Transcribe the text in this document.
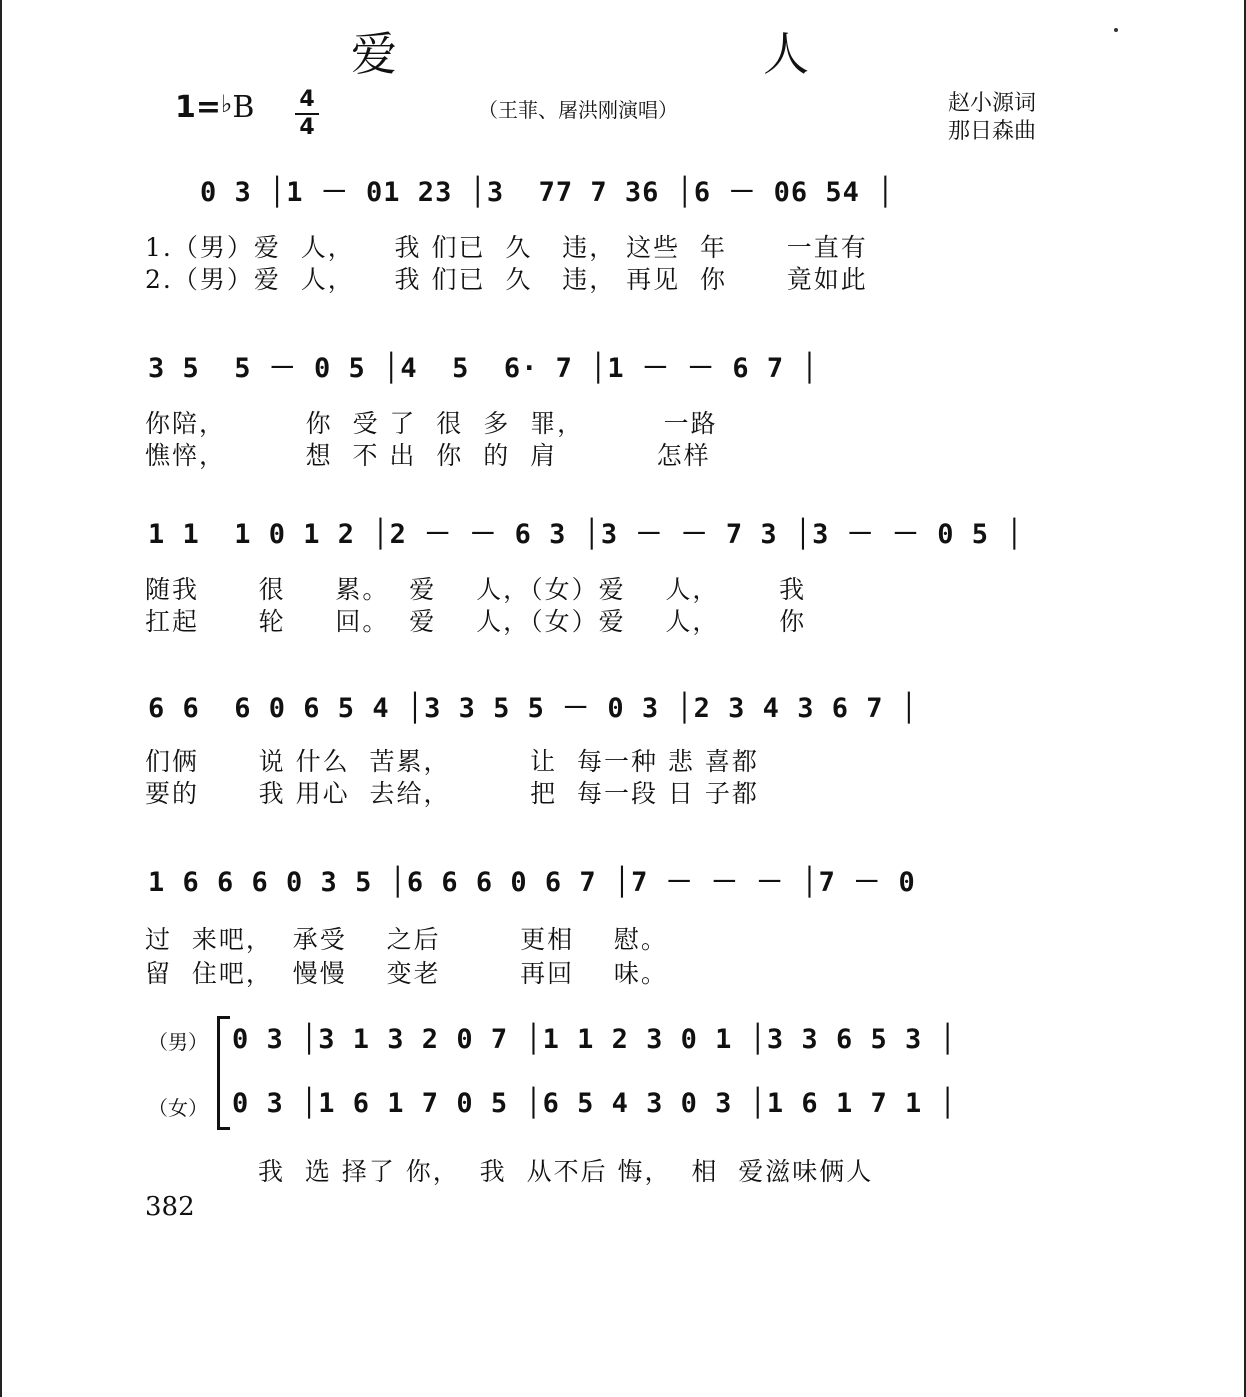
爱　人
1=♭B 4
4
（王菲、屠洪刚演唱）	赵小源词
那日森曲
0 3 │1 － 01 23 │3  77 7 36 │6 － 06 54 │
1.（男）爱  人，    我 们已  久   违， 这些  年      一直有
2.（男）爱  人，    我 们已  久   违， 再见  你      竟如此
3 5  5 － 0 5 │4  5  6· 7 │1 － － 6 7 │
你陪，        你  受 了  很  多  罪，        一路
憔悴，        想  不 出  你  的  肩          怎样
1 1  1 0 1 2 │2 － － 6 3 │3 － － 7 3 │3 － － 0 5 │
随我      很     累。  爱    人，（女）爱    人，      我
扛起      轮     回。  爱    人，（女）爱    人，      你
6 6  6 0 6 5 4 │3 3 5 5 － 0 3 │2 3 4 3 6 7 │
们俩      说 什么  苦累，        让  每一种 悲 喜都
要的      我 用心  去给，        把  每一段 日 子都
1 6 6 6 0 3 5 │6 6 6 0 6 7 │7 － － － │7 － 0
过  来吧，  承受    之后        更相    慰。
留  住吧，  慢慢    变老        再回    味。
（男）
（女）
0 3 │3 1 3 2 0 7 │1 1 2 3 0 1 │3 3 6 5 3 │
0 3 │1 6 1 7 0 5 │6 5 4 3 0 3 │1 6 1 7 1 │
我  选 择了 你，  我  从不后 悔，  相  爱滋味俩人
382
